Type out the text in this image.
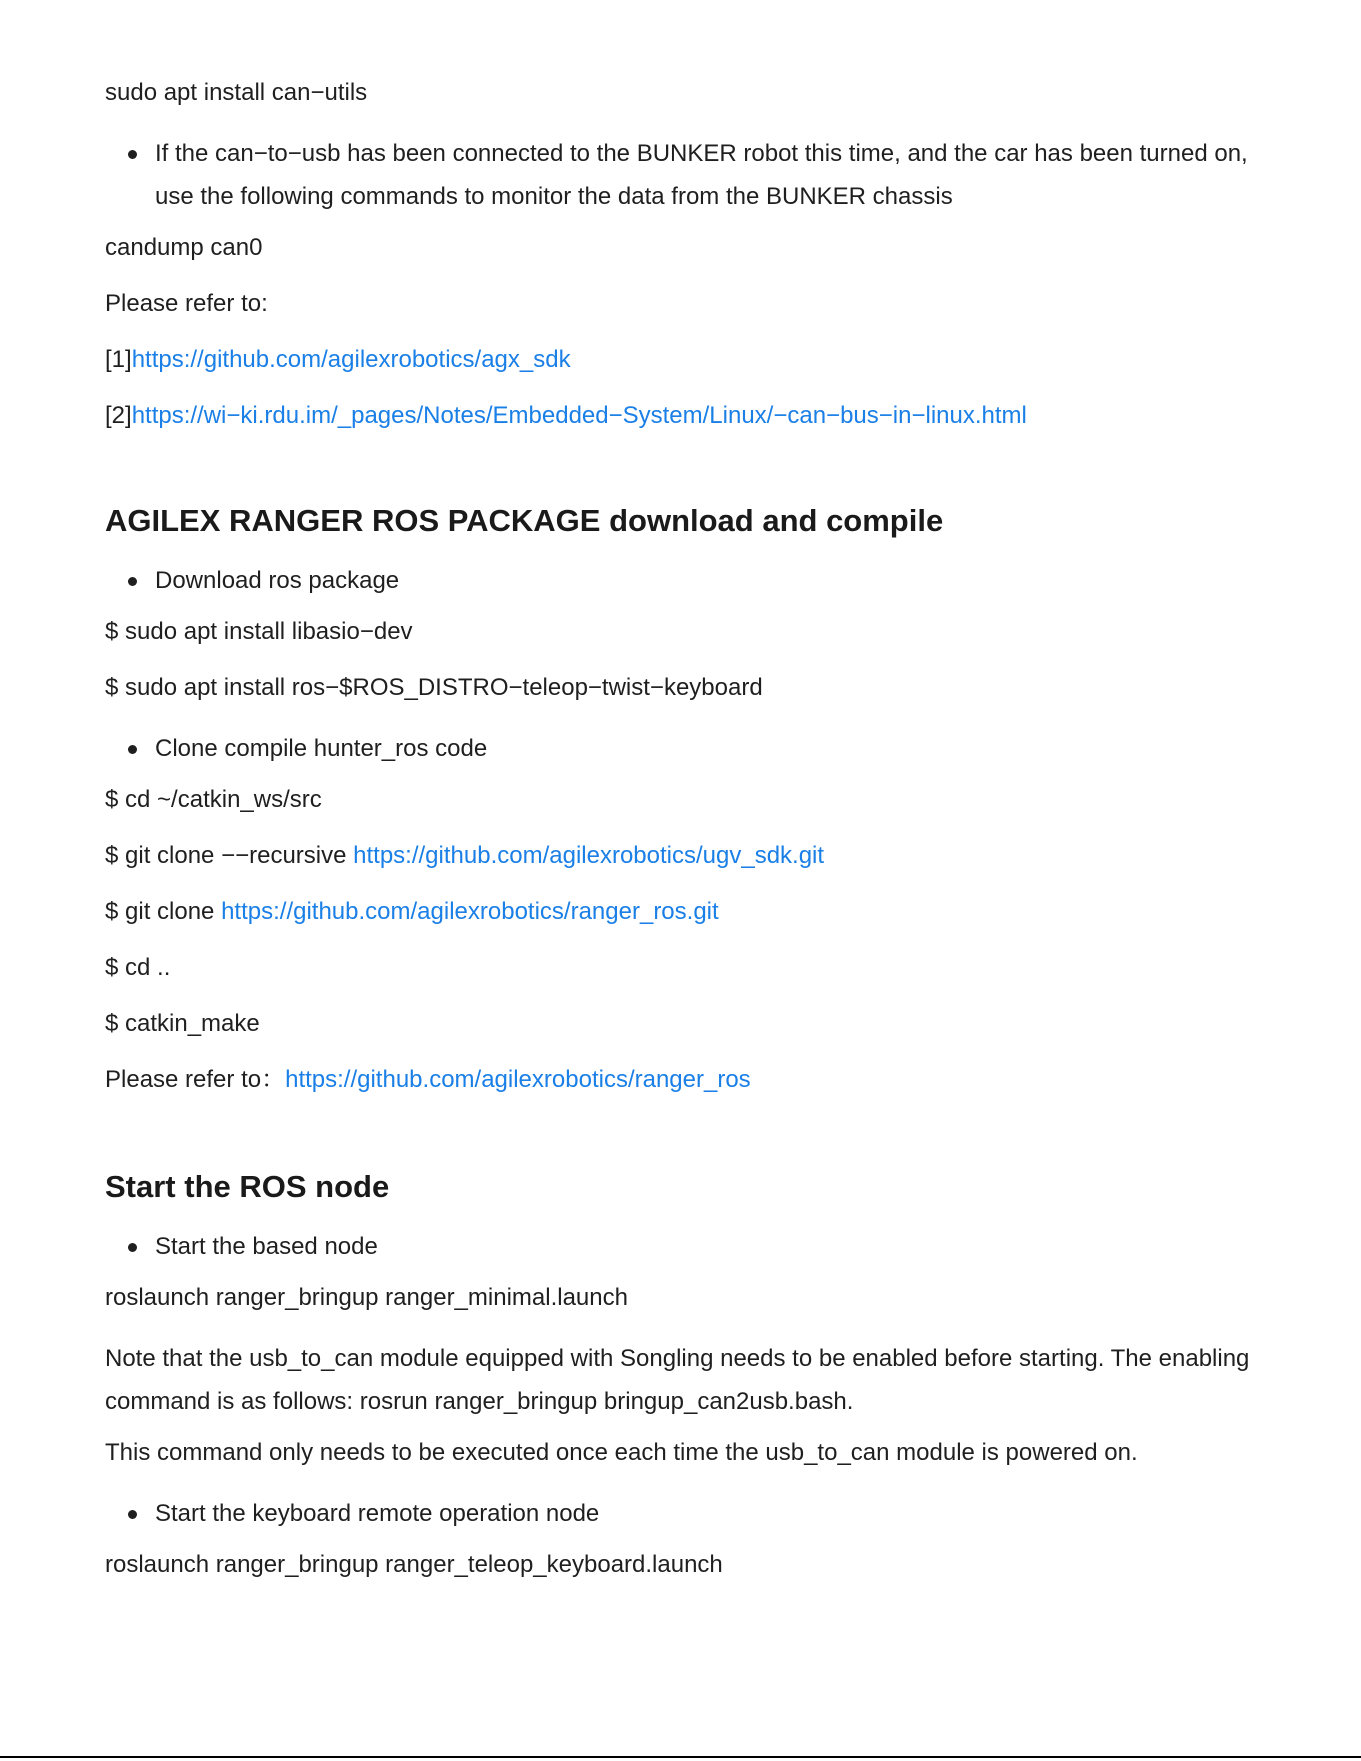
sudo apt install can−utils
If the can−to−usb has been connected to the BUNKER robot this time, and the car has been turned on, use the following commands to monitor the data from the BUNKER chassis
candump can0
Please refer to:
[1]https://github.com/agilexrobotics/agx_sdk
[2]https://wi−ki.rdu.im/_pages/Notes/Embedded−System/Linux/−can−bus−in−linux.html
AGILEX RANGER ROS PACKAGE download and compile
Download ros package
$ sudo apt install libasio−dev
$ sudo apt install ros−$ROS_DISTRO−teleop−twist−keyboard
Clone compile hunter_ros code
$ cd ~/catkin_ws/src
$ git clone −−recursive https://github.com/agilexrobotics/ugv_sdk.git
$ git clone https://github.com/agilexrobotics/ranger_ros.git
$ cd ..
$ catkin_make
Please refer to：https://github.com/agilexrobotics/ranger_ros
Start the ROS node
Start the based node
roslaunch ranger_bringup ranger_minimal.launch
Note that the usb_to_can module equipped with Songling needs to be enabled before starting. The enabling command is as follows: rosrun ranger_bringup bringup_can2usb.bash.
This command only needs to be executed once each time the usb_to_can module is powered on.
Start the keyboard remote operation node
roslaunch ranger_bringup ranger_teleop_keyboard.launch
